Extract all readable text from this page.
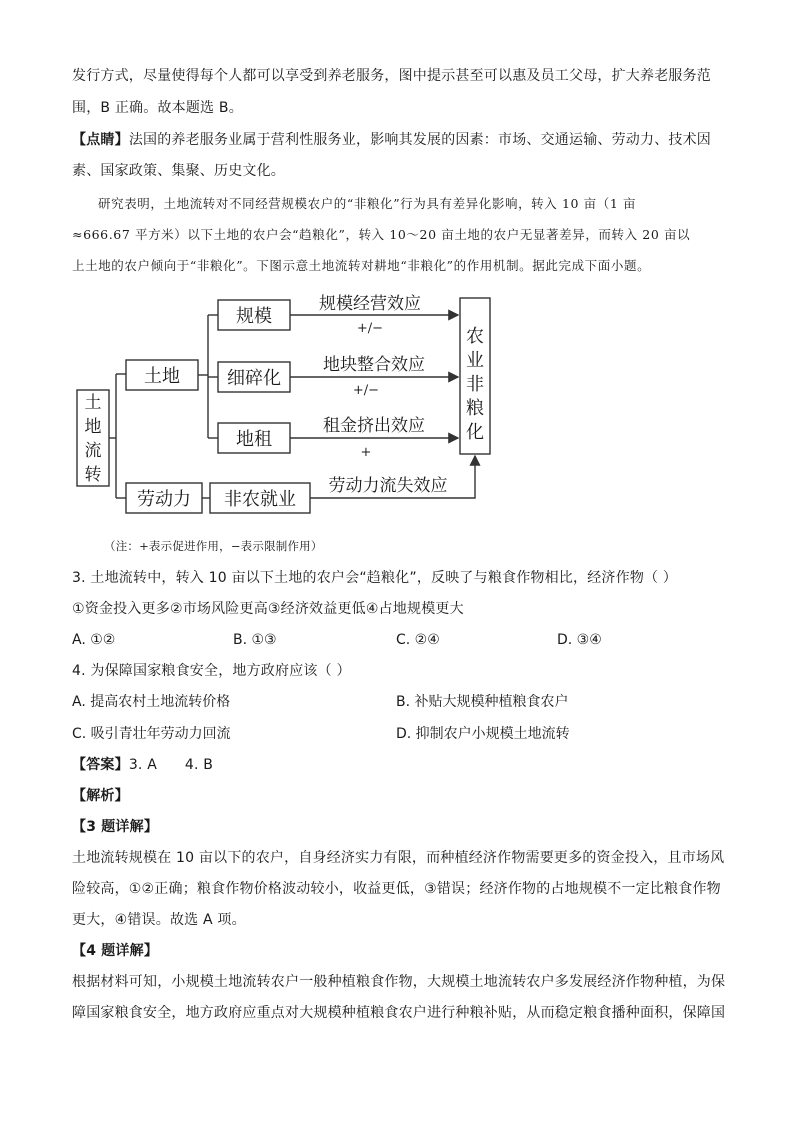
发行方式，尽量使得每个人都可以享受到养老服务，图中提示甚至可以惠及员工父母，扩大养老服务范
围，B 正确。故本题选 B。
【点睛】法国的养老服务业属于营利性服务业，影响其发展的因素：市场、交通运输、劳动力、技术因
素、国家政策、集聚、历史文化。
研究表明，土地流转对不同经营规模农户的“非粮化”行为具有差异化影响，转入 10 亩（1 亩
≈666.67 平方米）以下土地的农户会“趋粮化”，转入 10～20 亩土地的农户无显著差异，而转入 20 亩以
上土地的农户倾向于“非粮化”。下图示意土地流转对耕地“非粮化”的作用机制。据此完成下面小题。
土
地
流
转
土地
规模
细碎化
地租
劳动力 非农就业
农
业
非
粮
化
规模经营效应
+/−
地块整合效应
+/−
租金挤出效应
+
劳动力流失效应
（注：+表示促进作用，−表示限制作用）
3. 土地流转中，转入 10 亩以下土地的农户会“趋粮化”，反映了与粮食作物相比，经济作物（ ）
①资金投入更多②市场风险更高③经济效益更低④占地规模更大
A. ①②	B. ①③	C. ②④	D. ③④
4. 为保障国家粮食安全，地方政府应该（ ）
A. 提高农村土地流转价格	B. 补贴大规模种植粮食农户
C. 吸引青壮年劳动力回流	D. 抑制农户小规模土地流转
【答案】3. A      4. B
【解析】
【3 题详解】
土地流转规模在 10 亩以下的农户，自身经济实力有限，而种植经济作物需要更多的资金投入，且市场风
险较高，①②正确；粮食作物价格波动较小，收益更低，③错误；经济作物的占地规模不一定比粮食作物
更大，④错误。故选 A 项。
【4 题详解】
根据材料可知，小规模土地流转农户一般种植粮食作物，大规模土地流转农户多发展经济作物种植，为保
障国家粮食安全，地方政府应重点对大规模种植粮食农户进行种粮补贴，从而稳定粮食播种面积，保障国
